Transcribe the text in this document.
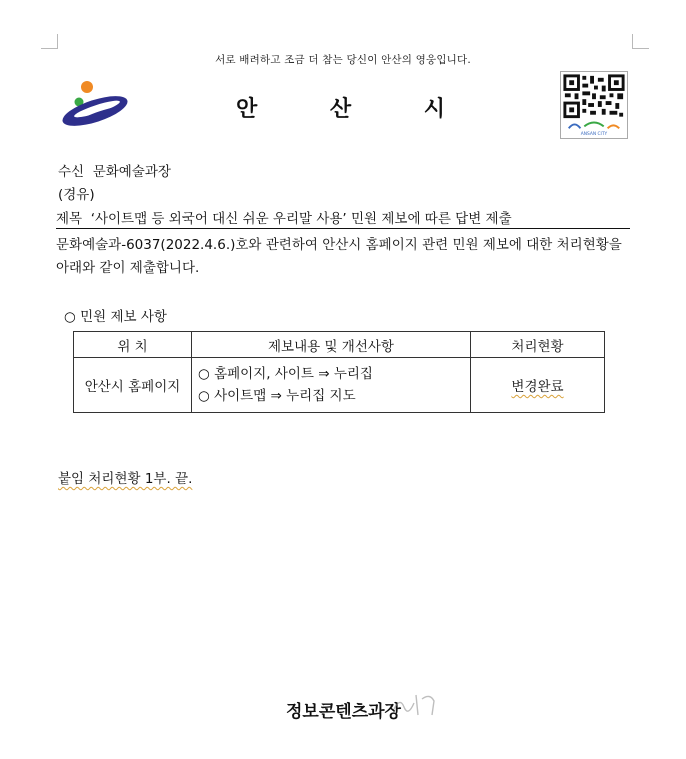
서로 배려하고 조금 더 참는 당신이 안산의 영웅입니다.
안	산	시
ANSAN CITY
수신 문화예술과장
(경유)
제목 ‘사이트맵 등 외국어 대신 쉬운 우리말 사용’ 민원 제보에 따른 답변 제출
문화예술과-6037(2022.4.6.)호와 관련하여 안산시 홈페이지 관련 민원 제보에 대한 처리현황을 아래와 같이 제출합니다.
○ 민원 제보 사항
위 치	제보내용 및 개선사항	처리현황
안산시 홈페이지	○ 홈페이지, 사이트 ⇒ 누리집
○ 사이트맵 ⇒ 누리집 지도	변경완료
붙임 처리현황 1부. 끝.
정보콘텐츠과장
